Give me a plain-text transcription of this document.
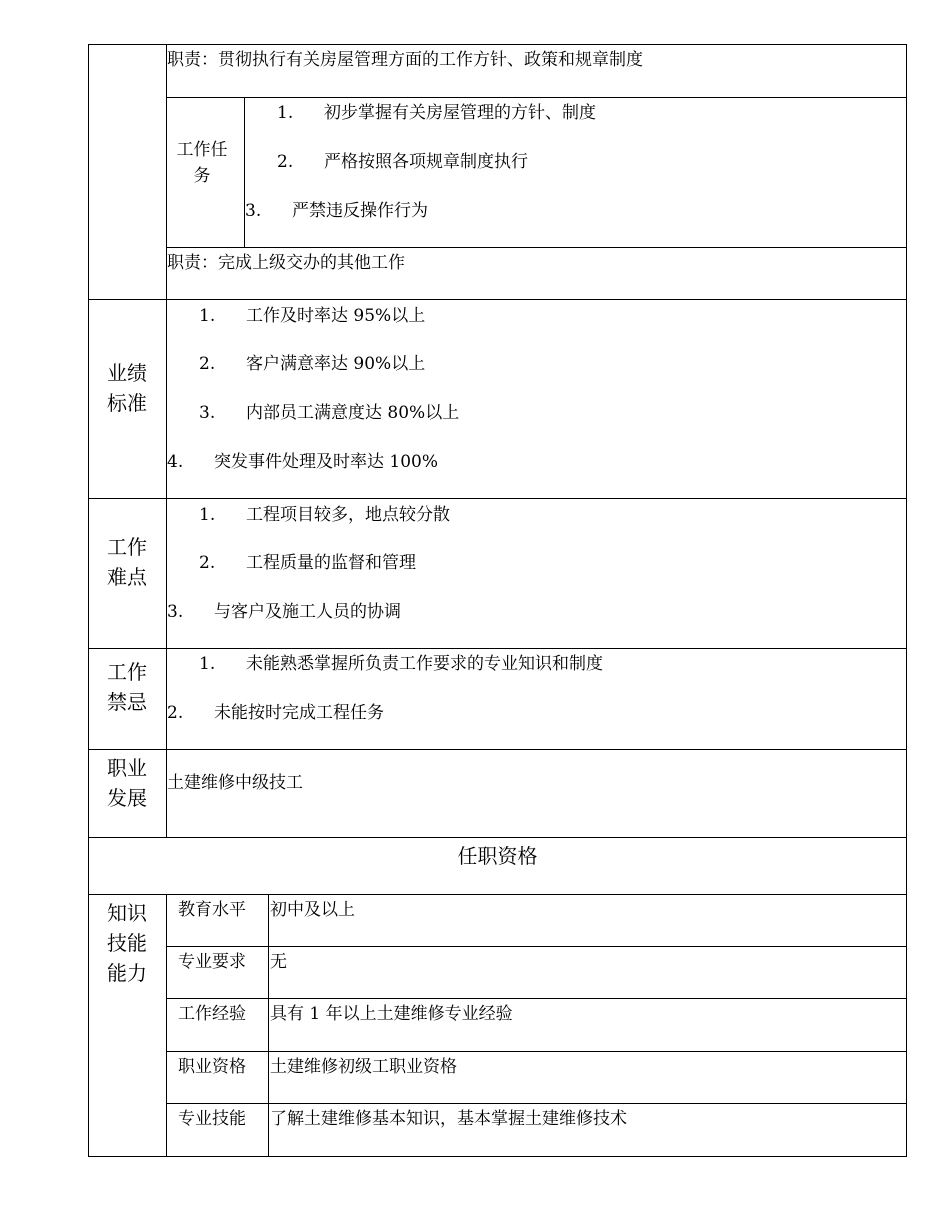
职责：贯彻执行有关房屋管理方面的工作方针、政策和规章制度
工作任务
1. 初步掌握有关房屋管理的方针、制度
2. 严格按照各项规章制度执行
3. 严禁违反操作行为
职责：完成上级交办的其他工作
业绩标准
1. 工作及时率达 95%以上
2. 客户满意率达 90%以上
3. 内部员工满意度达 80%以上
4. 突发事件处理及时率达 100%
工作难点
1. 工程项目较多，地点较分散
2. 工程质量的监督和管理
3. 与客户及施工人员的协调
工作禁忌
1. 未能熟悉掌握所负责工作要求的专业知识和制度
2. 未能按时完成工程任务
职业发展
土建维修中级技工
任职资格
知识技能能力
教育水平 初中及以上
专业要求 无
工作经验 具有 1 年以上土建维修专业经验
职业资格 土建维修初级工职业资格
专业技能 了解土建维修基本知识，基本掌握土建维修技术
